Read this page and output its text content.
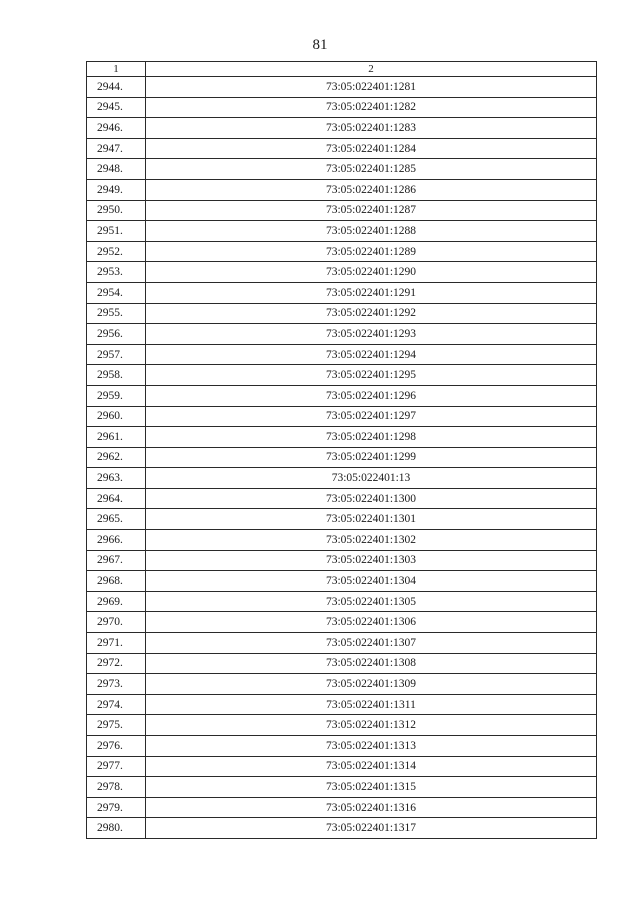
81
1	2
2944.	73:05:022401:1281
2945.	73:05:022401:1282
2946.	73:05:022401:1283
2947.	73:05:022401:1284
2948.	73:05:022401:1285
2949.	73:05:022401:1286
2950.	73:05:022401:1287
2951.	73:05:022401:1288
2952.	73:05:022401:1289
2953.	73:05:022401:1290
2954.	73:05:022401:1291
2955.	73:05:022401:1292
2956.	73:05:022401:1293
2957.	73:05:022401:1294
2958.	73:05:022401:1295
2959.	73:05:022401:1296
2960.	73:05:022401:1297
2961.	73:05:022401:1298
2962.	73:05:022401:1299
2963.	73:05:022401:13
2964.	73:05:022401:1300
2965.	73:05:022401:1301
2966.	73:05:022401:1302
2967.	73:05:022401:1303
2968.	73:05:022401:1304
2969.	73:05:022401:1305
2970.	73:05:022401:1306
2971.	73:05:022401:1307
2972.	73:05:022401:1308
2973.	73:05:022401:1309
2974.	73:05:022401:1311
2975.	73:05:022401:1312
2976.	73:05:022401:1313
2977.	73:05:022401:1314
2978.	73:05:022401:1315
2979.	73:05:022401:1316
2980.	73:05:022401:1317
